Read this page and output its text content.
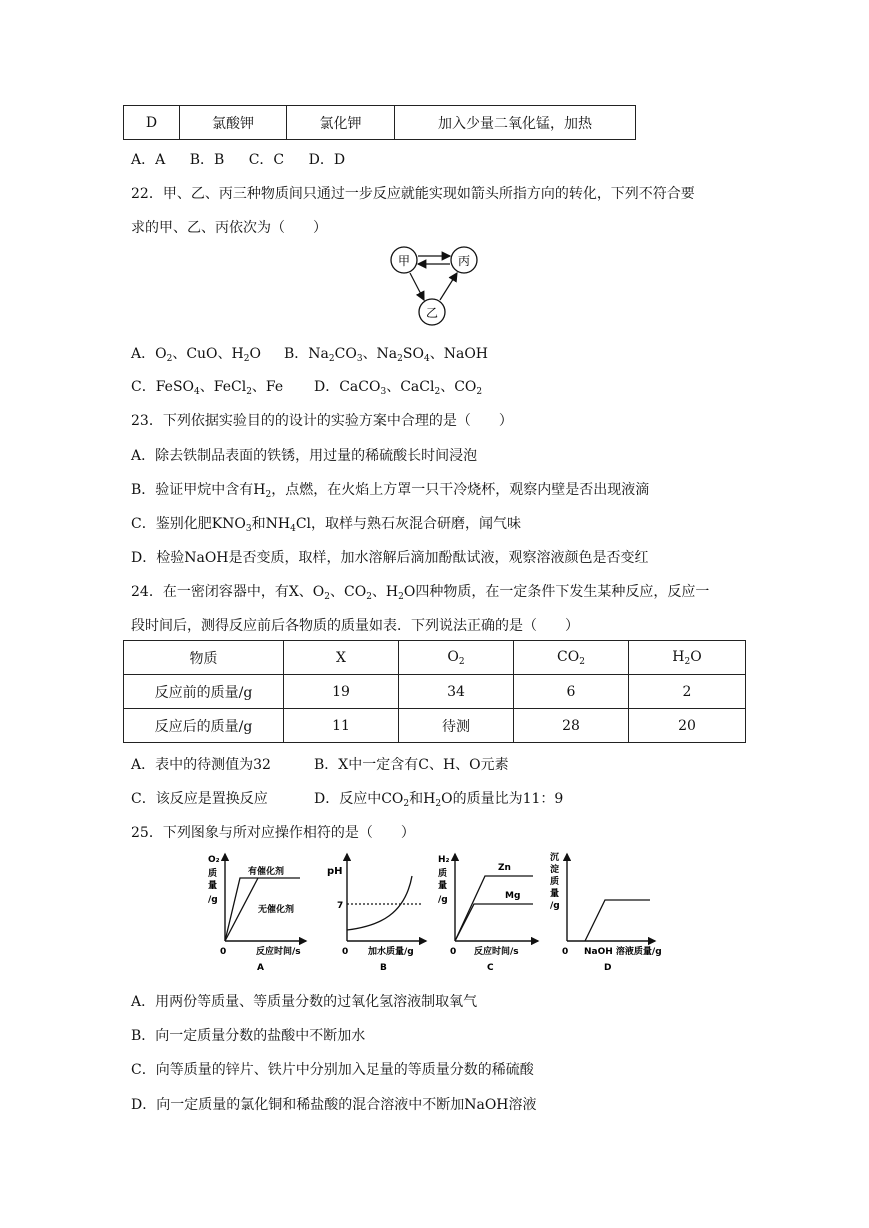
D	氯酸钾	氯化钾	加入少量二氧化锰，加热
A．A B．B C．C D．D
22．甲、乙、丙三种物质间只通过一步反应就能实现如箭头所指方向的转化，下列不符合要
求的甲、乙、丙依次为（　　）
甲	丙
乙
A．$O_2$、CuO、$H_2O$ B．$Na_2CO_3$、$Na_2SO_4$、NaOH
C．FeSO$_4$、FeCl$_2$、Fe D．CaCO$_3$、CaCl$_2$、$CO_2$
23．下列依据实验目的的设计的实验方案中合理的是（　　）
A．除去铁制品表面的铁锈，用过量的稀硫酸长时间浸泡
B．验证甲烷中含有$H_2$，点燃，在火焰上方罩一只干冷烧杯，观察内壁是否出现液滴
C．鉴别化肥$KNO_3$和$NH_4Cl$，取样与熟石灰混合研磨，闻气味
D．检验NaOH是否变质，取样，加水溶解后滴加酚酞试液，观察溶液颜色是否变红
24．在一密闭容器中，有X、$O_2$、$CO_2$、$H_2O$四种物质，在一定条件下发生某种反应，反应一
段时间后，测得反应前后各物质的质量如表．下列说法正确的是（　　）
物质	X	$O_2$	$CO_2$	$H_2O$
反应前的质量/g	19	34	6	2
反应后的质量/g	11	待测	28	20
A．表中的待测值为32	B．X中一定含有C、H、O元素
C．该反应是置换反应	D．反应中$CO_2$和$H_2O$的质量比为11：9
25．下列图象与所对应操作相符的是（　　）
O₂
质
量
/g
有催化剂
无催化剂
0	反应时间/s
A
pH
7
0 加水质量/g
B
H₂
质
量
/g
Zn
Mg
0 反应时间/s
C
沉
淀
质
量
/g
0 NaOH 溶液质量/g
D
A．用两份等质量、等质量分数的过氧化氢溶液制取氧气
B．向一定质量分数的盐酸中不断加水
C．向等质量的锌片、铁片中分别加入足量的等质量分数的稀硫酸
D．向一定质量的氯化铜和稀盐酸的混合溶液中不断加NaOH溶液
